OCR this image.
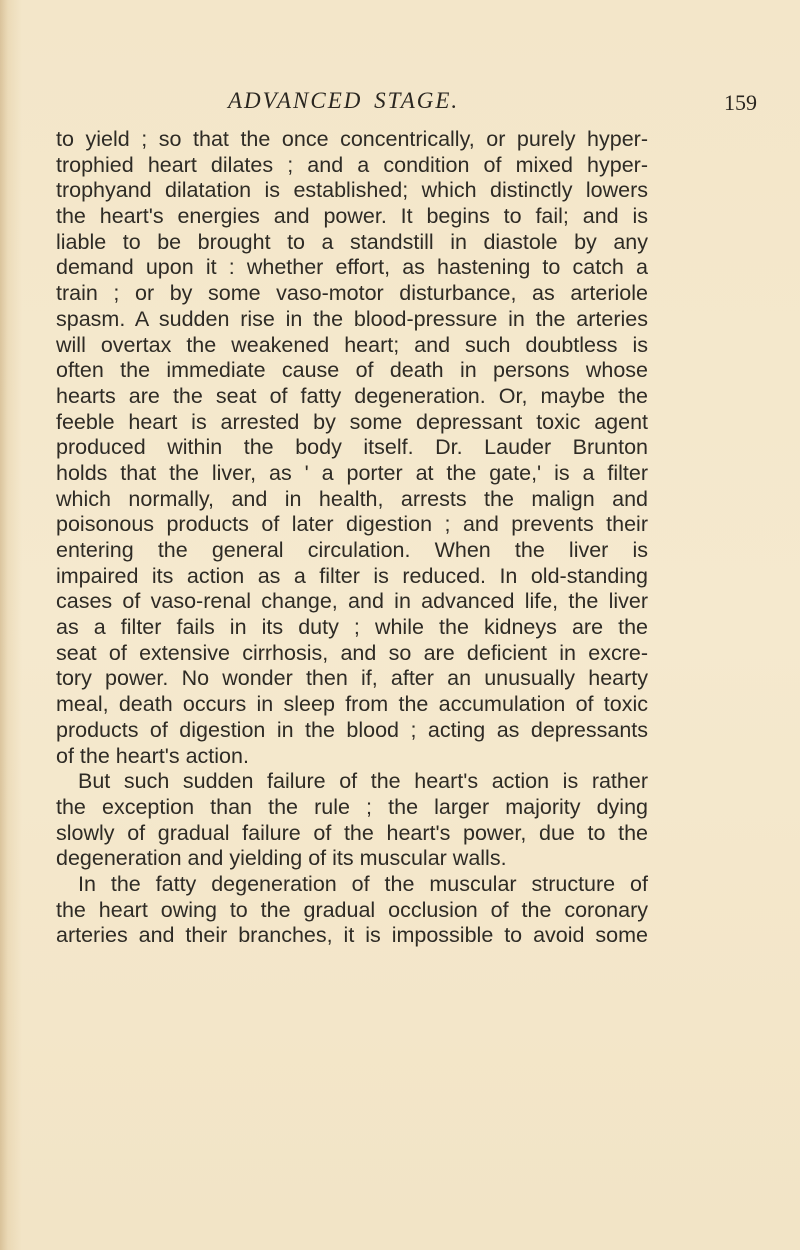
ADVANCED STAGE.	159
to yield ; so that the once concentrically, or purely hyper-
trophied heart dilates ; and a condition of mixed hyper-
trophyand dilatation is established; which distinctly lowers
the heart's energies and power. It begins to fail; and is
liable to be brought to a standstill in diastole by any
demand upon it : whether effort, as hastening to catch a
train ; or by some vaso-motor disturbance, as arteriole
spasm. A sudden rise in the blood-pressure in the arteries
will overtax the weakened heart; and such doubtless is
often the immediate cause of death in persons whose
hearts are the seat of fatty degeneration. Or, maybe the
feeble heart is arrested by some depressant toxic agent
produced within the body itself. Dr. Lauder Brunton
holds that the liver, as ' a porter at the gate,' is a filter
which normally, and in health, arrests the malign and
poisonous products of later digestion ; and prevents their
entering the general circulation. When the liver is
impaired its action as a filter is reduced. In old-standing
cases of vaso-renal change, and in advanced life, the liver
as a filter fails in its duty ; while the kidneys are the
seat of extensive cirrhosis, and so are deficient in excre-
tory power. No wonder then if, after an unusually hearty
meal, death occurs in sleep from the accumulation of toxic
products of digestion in the blood ; acting as depressants
of the heart's action.
But such sudden failure of the heart's action is rather
the exception than the rule ; the larger majority dying
slowly of gradual failure of the heart's power, due to the
degeneration and yielding of its muscular walls.
In the fatty degeneration of the muscular structure of
the heart owing to the gradual occlusion of the coronary
arteries and their branches, it is impossible to avoid some
